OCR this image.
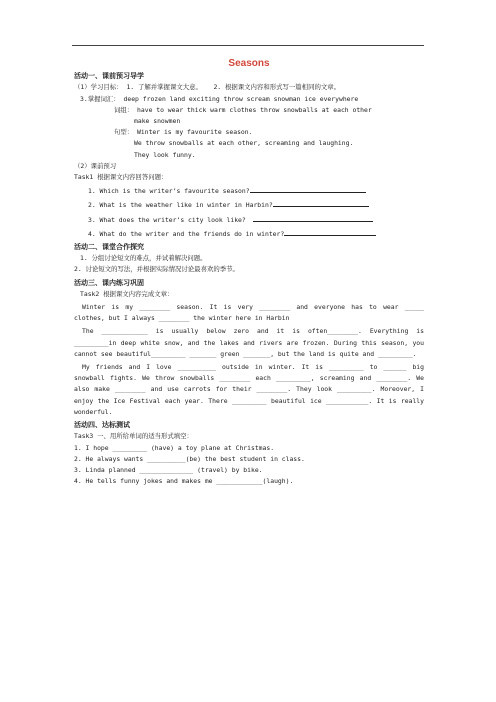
Seasons
活动一、课前预习导学
（1）学习目标： 1. 了解并掌握课文大意。 2. 根据课文内容和形式写一篇相同的文章。
3.掌握词汇： deep frozen land exciting throw scream snowman ice everywhere
词组： have to wear thick warm clothes throw snowballs at each other
make snowmen
句型： Winter is my favourite season.
We throw snowballs at each other, screaming and laughing.
They look funny.
（2）课前预习
Task1 根据课文内容回答问题：
1. Which is the writer’s favourite season?
2. What is the weather like in winter in Harbin?
3. What does the writer’s city look like?
4. What do the writer and the friends do in winter?
活动二、课堂合作探究
1. 分组讨论短文的难点，并试着解决问题。
2. 讨论短文的写法，并根据实际情况讨论最喜欢的季节。
活动三、课内练习巩固
Task2 根据课文内容完成文章：
Winter is my ________ season. It is very ________ and everyone has to wear _____ clothes, but I always ________ the winter here in Harbin
The ____________ is usually below zero and it is often________. Everything is _________in deep white snow, and the lakes and rivers are frozen. During this season, you cannot see beautiful_________ _______ green _______, but the land is quite and _________.
My friends and I love __________ outside in winter. It is _________ to ______ big snowball fights. We throw snowballs ________ each _________, screaming and ________. We also make ________ and use carrots for their ________. They look _________. Moreover, I enjoy the Ice Festival each year. There _________ beautiful ice ___________. It is really wonderful.
活动四、达标测试
Task3 一、用所给单词的适当形式填空：
1. I hope _________ (have) a toy plane at Christmas.
2. He always wants __________(be) the best student in class.
3. Linda planned ______________ (travel) by bike.
4. He tells funny jokes and makes me ____________(laugh).
